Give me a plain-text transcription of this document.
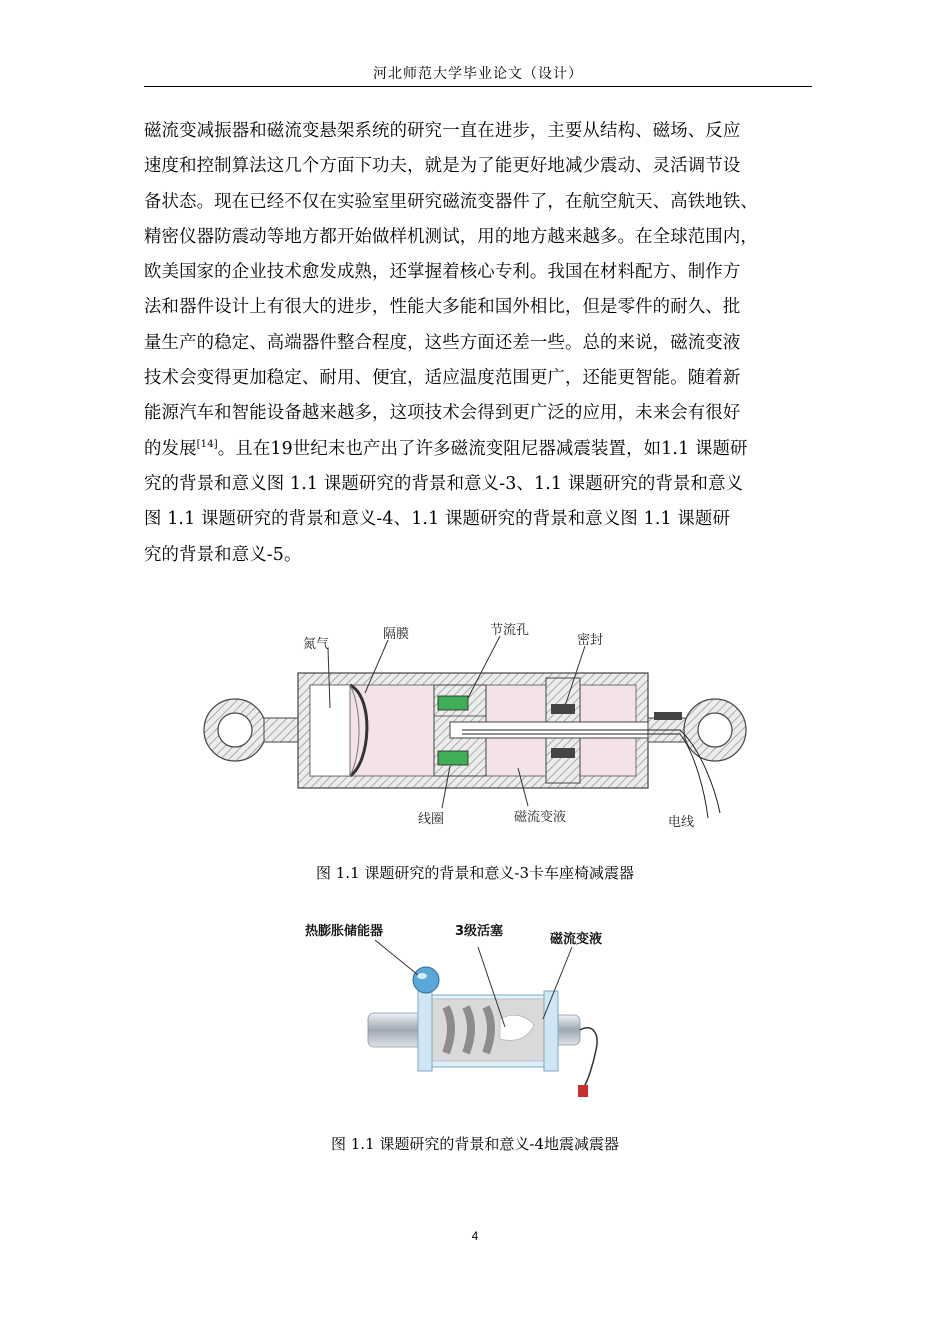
河北师范大学毕业论文（设计）
磁流变减振器和磁流变悬架系统的研究一直在进步，主要从结构、磁场、反应
速度和控制算法这几个方面下功夫，就是为了能更好地减少震动、灵活调节设
备状态。现在已经不仅在实验室里研究磁流变器件了，在航空航天、高铁地铁、
精密仪器防震动等地方都开始做样机测试，用的地方越来越多。在全球范围内，
欧美国家的企业技术愈发成熟，还掌握着核心专利。我国在材料配方、制作方
法和器件设计上有很大的进步，性能大多能和国外相比，但是零件的耐久、批
量生产的稳定、高端器件整合程度，这些方面还差一些。总的来说，磁流变液
技术会变得更加稳定、耐用、便宜，适应温度范围更广，还能更智能。随着新
能源汽车和智能设备越来越多，这项技术会得到更广泛的应用，未来会有很好
的发展[14]。且在19世纪末也产出了许多磁流变阻尼器减震装置，如1.1 课题研
究的背景和意义图 1.1 课题研究的背景和意义-3、1.1 课题研究的背景和意义
图 1.1 课题研究的背景和意义-4、1.1 课题研究的背景和意义图 1.1 课题研
究的背景和意义-5。
氮气
隔膜	节流孔
密封
线圈	磁流变液	电线
图 1.1 课题研究的背景和意义-3卡车座椅减震器
热膨胀储能器	3级活塞
磁流变液
图 1.1 课题研究的背景和意义-4地震减震器
4
